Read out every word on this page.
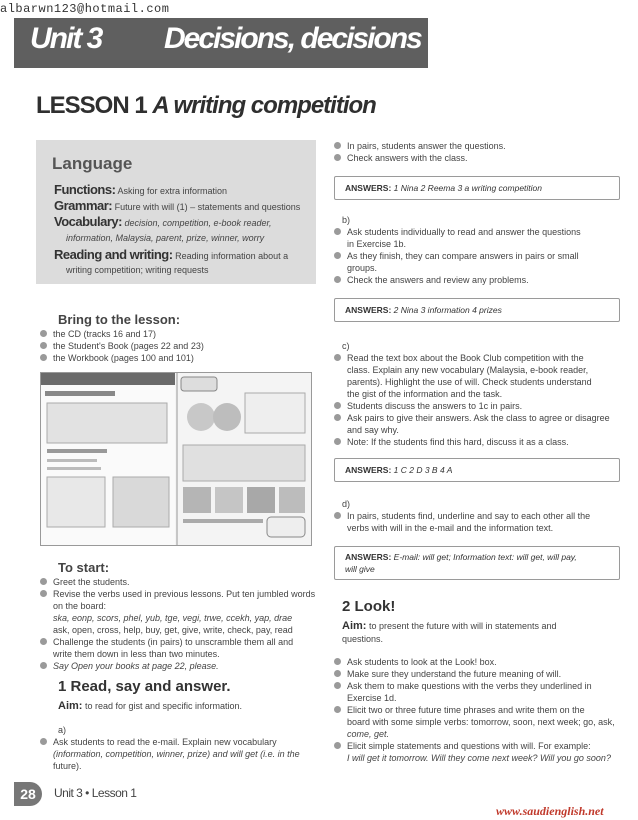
albarwn123@hotmail.com
Unit 3 Decisions, decisions
LESSON 1 A writing competition
Language
Functions: Asking for extra information
Grammar: Future with will (1) – statements and questions
Vocabulary: decision, competition, e-book reader,
information, Malaysia, parent, prize, winner, worry
Reading and writing: Reading information about a
writing competition; writing requests
Bring to the lesson:
the CD (tracks 16 and 17)
the Student's Book (pages 22 and 23)
the Workbook (pages 100 and 101)
To start:
Greet the students.
Revise the verbs used in previous lessons. Put ten jumbled words
on the board:
ska, eonp, scors, phel, yub, tge, vegi, trwe, ccekh, yap, drae
ask, open, cross, help, buy, get, give, write, check, pay, read
Challenge the students (in pairs) to unscramble them all and
write them down in less than two minutes.
Say Open your books at page 22, please.
1 Read, say and answer.
Aim: to read for gist and specific information.
a)
Ask students to read the e-mail. Explain new vocabulary
(information, competition, winner, prize) and will get (i.e. in the
future).
In pairs, students answer the questions.
Check answers with the class.
ANSWERS: 1 Nina 2 Reema 3 a writing competition
b)
Ask students individually to read and answer the questions
in Exercise 1b.
As they finish, they can compare answers in pairs or small
groups.
Check the answers and review any problems.
ANSWERS: 2 Nina 3 information 4 prizes
c)
Read the text box about the Book Club competition with the
class. Explain any new vocabulary (Malaysia, e-book reader,
parents). Highlight the use of will. Check students understand
the gist of the information and the task.
Students discuss the answers to 1c in pairs.
Ask pairs to give their answers. Ask the class to agree or disagree
and say why.
Note: If the students find this hard, discuss it as a class.
ANSWERS: 1 C 2 D 3 B 4 A
d)
In pairs, students find, underline and say to each other all the
verbs with will in the e-mail and the information text.
ANSWERS: E-mail: will get; Information text: will get, will pay,
will give
2 Look!
Aim: to present the future with will in statements and
questions.
Ask students to look at the Look! box.
Make sure they understand the future meaning of will.
Ask them to make questions with the verbs they underlined in
Exercise 1d.
Elicit two or three future time phrases and write them on the
board with some simple verbs: tomorrow, soon, next week; go, ask,
come, get.
Elicit simple statements and questions with will. For example:
I will get it tomorrow. Will they come next week? Will you go soon?
28	Unit 3 • Lesson 1
www.saudienglish.net
